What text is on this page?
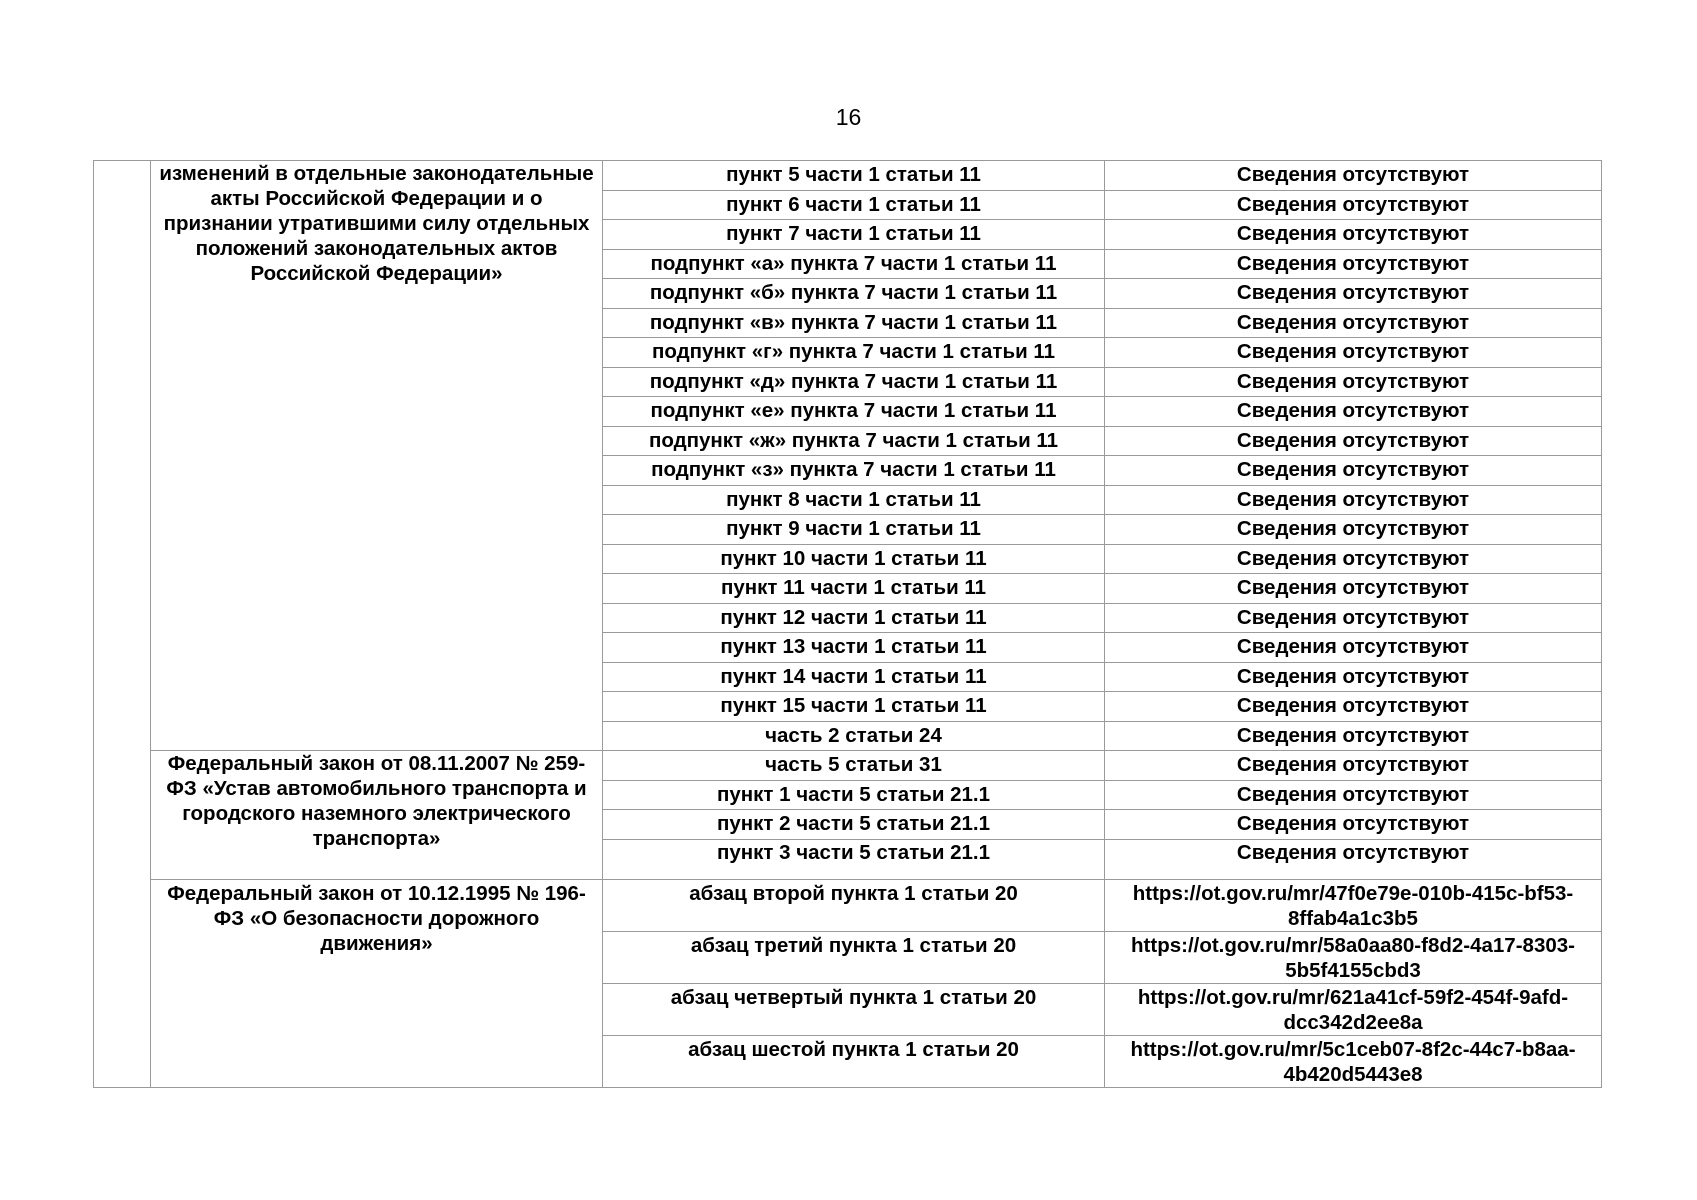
16
	изменений в отдельные законодательные акты Российской Федерации и о признании утратившими силу отдельных положений законодательных актов Российской Федерации»	пункт 5 части 1 статьи 11	Сведения отсутствуют
		пункт 6 части 1 статьи 11	Сведения отсутствуют
		пункт 7 части 1 статьи 11	Сведения отсутствуют
		подпункт «а» пункта 7 части 1 статьи 11	Сведения отсутствуют
		подпункт «б» пункта 7 части 1 статьи 11	Сведения отсутствуют
		подпункт «в» пункта 7 части 1 статьи 11	Сведения отсутствуют
		подпункт «г» пункта 7 части 1 статьи 11	Сведения отсутствуют
		подпункт «д» пункта 7 части 1 статьи 11	Сведения отсутствуют
		подпункт «е» пункта 7 части 1 статьи 11	Сведения отсутствуют
		подпункт «ж» пункта 7 части 1 статьи 11	Сведения отсутствуют
		подпункт «з» пункта 7 части 1 статьи 11	Сведения отсутствуют
		пункт 8 части 1 статьи 11	Сведения отсутствуют
		пункт 9 части 1 статьи 11	Сведения отсутствуют
		пункт 10 части 1 статьи 11	Сведения отсутствуют
		пункт 11 части 1 статьи 11	Сведения отсутствуют
		пункт 12 части 1 статьи 11	Сведения отсутствуют
		пункт 13 части 1 статьи 11	Сведения отсутствуют
		пункт 14 части 1 статьи 11	Сведения отсутствуют
		пункт 15 части 1 статьи 11	Сведения отсутствуют
		часть 2 статьи 24	Сведения отсутствуют
	Федеральный закон от 08.11.2007 № 259-ФЗ «Устав автомобильного транспорта и городского наземного электрического транспорта»	часть 5 статьи 31	Сведения отсутствуют
		пункт 1 части 5 статьи 21.1	Сведения отсутствуют
		пункт 2 части 5 статьи 21.1	Сведения отсутствуют
		пункт 3 части 5 статьи 21.1	Сведения отсутствуют
	Федеральный закон от 10.12.1995 № 196-ФЗ «О безопасности дорожного движения»	абзац второй пункта 1 статьи 20	https://ot.gov.ru/mr/47f0e79e-010b-415c-bf53-8ffab4a1c3b5
		абзац третий пункта 1 статьи 20	https://ot.gov.ru/mr/58a0aa80-f8d2-4a17-8303-5b5f4155cbd3
		абзац четвертый пункта 1 статьи 20	https://ot.gov.ru/mr/621a41cf-59f2-454f-9afd-dcc342d2ee8a
		абзац шестой пункта 1 статьи 20	https://ot.gov.ru/mr/5c1ceb07-8f2c-44c7-b8aa-4b420d5443e8
